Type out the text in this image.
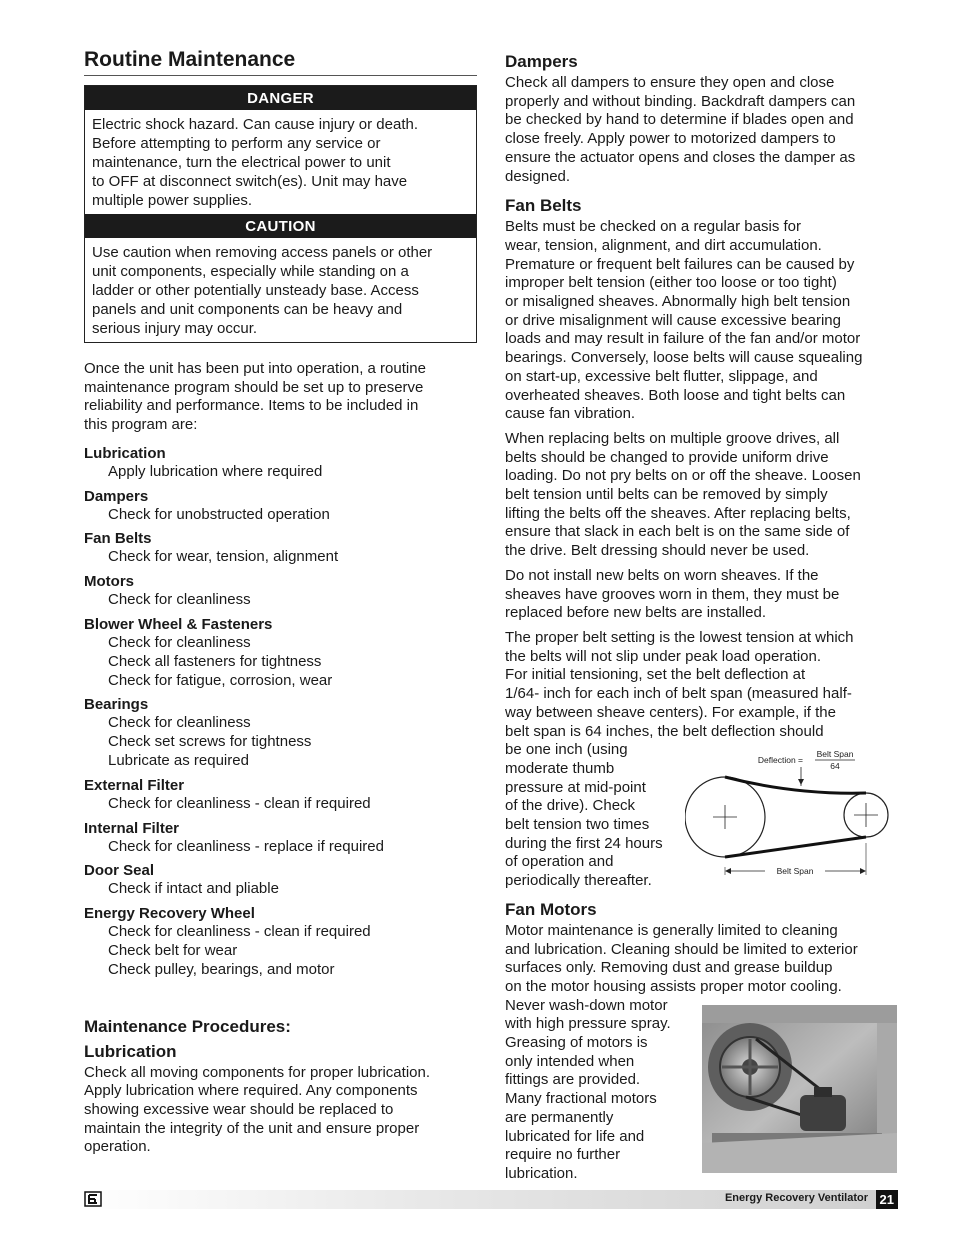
Routine Maintenance
DANGER
Electric shock hazard. Can cause injury or death.
Before attempting to perform any service or
maintenance, turn the electrical power to unit
to OFF at disconnect switch(es). Unit may have
multiple power supplies.
CAUTION
Use caution when removing access panels or other
unit components, especially while standing on a
ladder or other potentially unsteady base. Access
panels and unit components can be heavy and
serious injury may occur.

Once the unit has been put into operation, a routine

maintenance program should be set up to preserve

reliability and performance. Items to be included in

this program are:

Lubrication
Apply lubrication where required
Dampers
Check for unobstructed operation
Fan Belts
Check for wear, tension, alignment
Motors
Check for cleanliness
Blower Wheel & Fasteners
Check for cleanliness
Check all fasteners for tightness
Check for fatigue, corrosion, wear
Bearings
Check for cleanliness
Check set screws for tightness
Lubricate as required
External Filter
Check for cleanliness - clean if required
Internal Filter
Check for cleanliness - replace if required
Door Seal
Check if intact and pliable
Energy Recovery Wheel
Check for cleanliness - clean if required
Check belt for wear
Check pulley, bearings, and motor
Maintenance Procedures:
Lubrication

Check all moving components for proper lubrication.

Apply lubrication where required. Any components

showing excessive wear should be replaced to

maintain the integrity of the unit and ensure proper

operation.

Dampers

Check all dampers to ensure they open and close

properly and without binding. Backdraft dampers can

be checked by hand to determine if blades open and

close freely. Apply power to motorized dampers to

ensure the actuator opens and closes the damper as

designed.

Fan Belts

Belts must be checked on a regular basis for

wear, tension, alignment, and dirt accumulation.

Premature or frequent belt failures can be caused by

improper belt tension (either too loose or too tight)

or misaligned sheaves. Abnormally high belt tension

or drive misalignment will cause excessive bearing

loads and may result in failure of the fan and/or motor

bearings. Conversely, loose belts will cause squealing

on start-up, excessive belt flutter, slippage, and

overheated sheaves. Both loose and tight belts can

cause fan vibration.

When replacing belts on multiple groove drives, all

belts should be changed to provide uniform drive

loading. Do not pry belts on or off the sheave. Loosen

belt tension until belts can be removed by simply

lifting the belts off the sheaves. After replacing belts,

ensure that slack in each belt is on the same side of

the drive. Belt dressing should never be used.

Do not install new belts on worn sheaves. If the

sheaves have grooves worn in them, they must be

replaced before new belts are installed.

The proper belt setting is the lowest tension at which

the belts will not slip under peak load operation.

For initial tensioning, set the belt deflection at

1/64- inch for each inch of belt span (measured half-

way between sheave centers). For example, if the

belt span is 64 inches, the belt deflection should

be one inch (using

moderate thumb

pressure at mid-point

of the drive). Check

belt tension two times

during the first 24 hours

of operation and

periodically thereafter.

Deflection =
Belt Span
64
Belt Span
Fan Motors

Motor maintenance is generally limited to cleaning

and lubrication. Cleaning should be limited to exterior

surfaces only. Removing dust and grease buildup

on the motor housing assists proper motor cooling.

Never wash-down motor

with high pressure spray.

Greasing of motors is

only intended when

fittings are provided.

Many fractional motors

are permanently

lubricated for life and

require no further

lubrication.

Energy Recovery Ventilator 21
